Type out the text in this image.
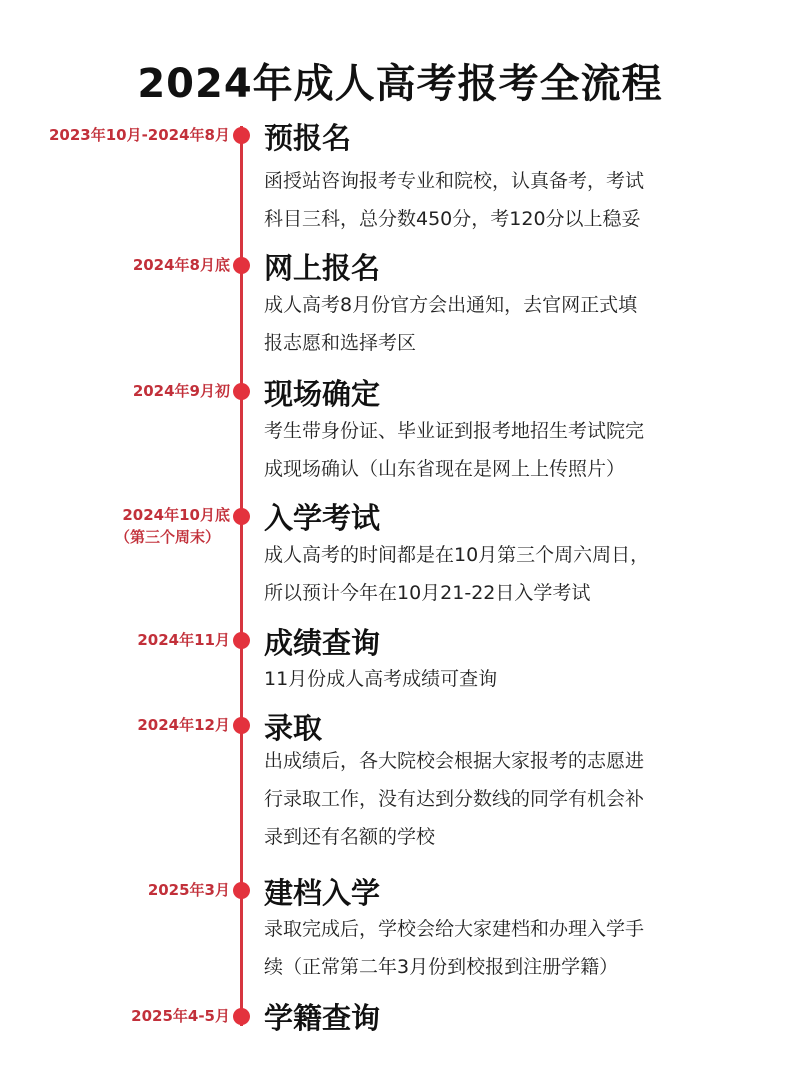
2024年成人高考报考全流程
2023年10月-2024年8月 预报名
函授站咨询报考专业和院校，认真备考，考试
科目三科，总分数450分，考120分以上稳妥
2024年8月底 网上报名
成人高考8月份官方会出通知，去官网正式填
报志愿和选择考区
2024年9月初 现场确定
考生带身份证、毕业证到报考地招生考试院完
成现场确认（山东省现在是网上上传照片）
2024年10月底
（第三个周末）
入学考试
成人高考的时间都是在10月第三个周六周日，
所以预计今年在10月21-22日入学考试
2024年11月 成绩查询
11月份成人高考成绩可查询
2024年12月 录取
出成绩后，各大院校会根据大家报考的志愿进
行录取工作，没有达到分数线的同学有机会补
录到还有名额的学校
2025年3月 建档入学
录取完成后，学校会给大家建档和办理入学手
续（正常第二年3月份到校报到注册学籍）
2025年4-5月 学籍查询
